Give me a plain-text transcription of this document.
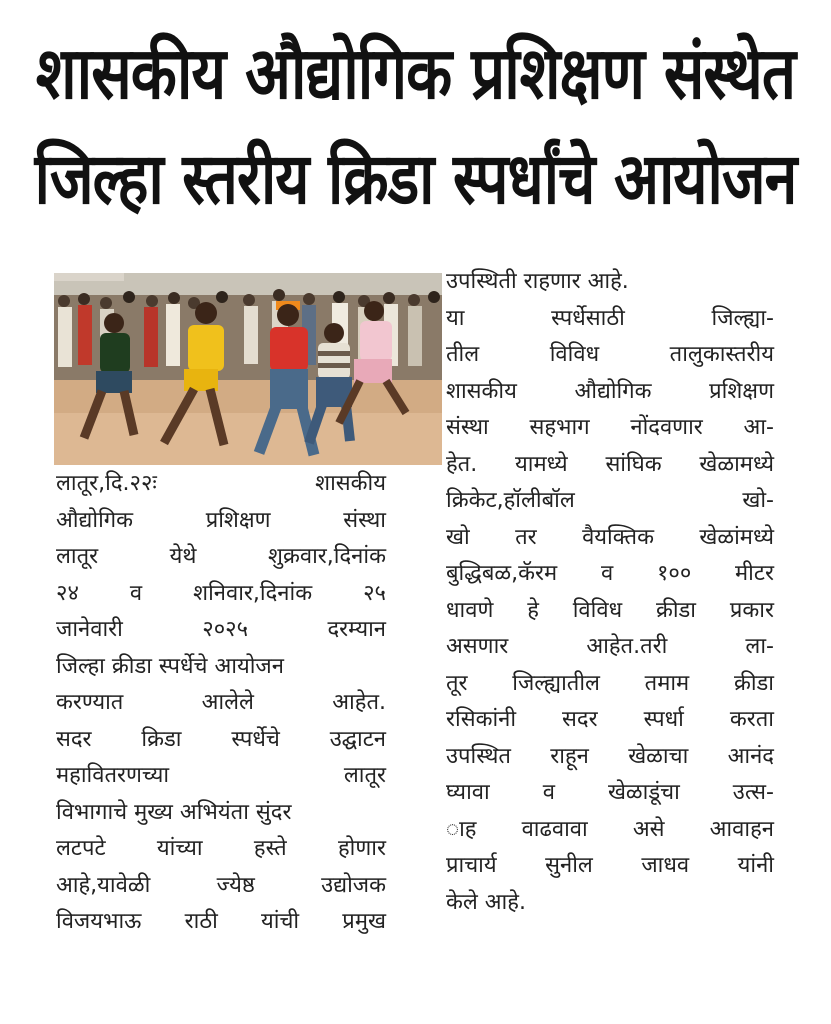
शासकीय औद्योगिक प्रशिक्षण संस्थेत
जिल्हा स्तरीय क्रिडा स्पर्धांचे आयोजन
लातूर,दि.२२ः	शासकीय
औद्योगिक	प्रशिक्षण	संस्था
लातूर	येथे	शुक्रवार,दिनांक
२४ व शनिवार,दिनांक २५
जानेवारी	२०२५	दरम्यान
जिल्हा क्रीडा स्पर्धेचे आयोजन
करण्यात	आलेले	आहेत.
सदर क्रिडा स्पर्धेचे उद्घाटन
महावितरणच्या	लातूर
विभागाचे मुख्य अभियंता सुंदर
लटपटे यांच्या हस्ते होणार
आहे,यावेळी	ज्येष्ठ	उद्योजक
विजयभाऊ राठी यांची प्रमुख
उपस्थिती राहणार आहे.
या	स्पर्धेसाठी	जिल्ह्या-
तील	विविध	तालुकास्तरीय
शासकीय	औद्योगिक	प्रशिक्षण
संस्था सहभाग नोंदवणार आ-
हेत. यामध्ये सांघिक खेळामध्ये
क्रिकेट,हॉलीबॉल	खो-
खो तर वैयक्तिक खेळांमध्ये
बुद्धिबळ,कॅरम व १०० मीटर
धावणे हे विविध क्रीडा प्रकार
असणार	आहेत.तरी	ला-
तूर जिल्ह्यातील तमाम क्रीडा
रसिकांनी सदर स्पर्धा करता
उपस्थित राहून खेळाचा आनंद
घ्यावा व खेळाडूंचा उत्स-
ाह वाढवावा असे आवाहन
प्राचार्य सुनील जाधव यांनी
केले आहे.
